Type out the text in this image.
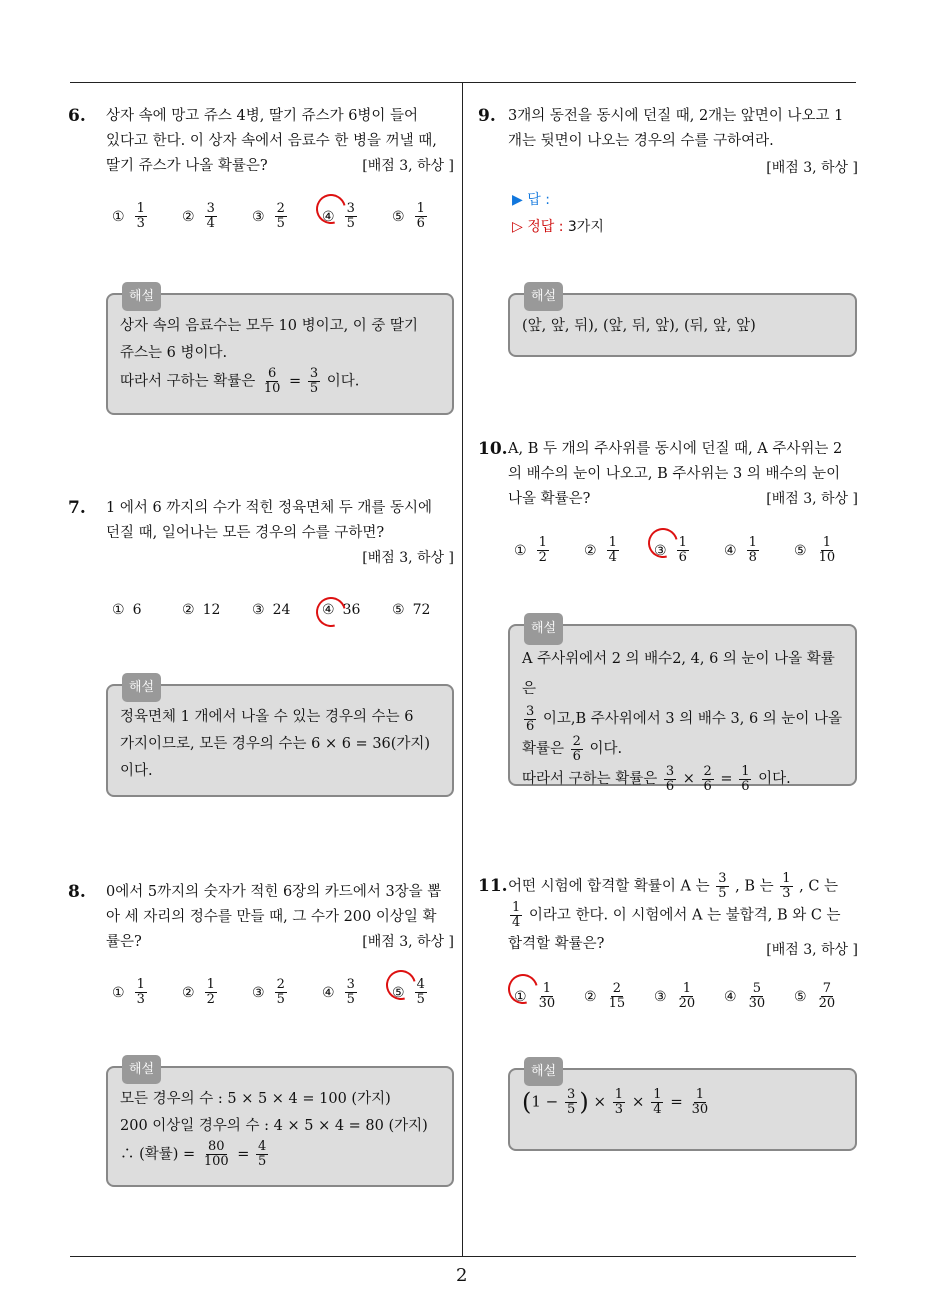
2
6. 상자 속에 망고 쥬스 4병, 딸기 쥬스가 6병이 들어
있다고 한다. 이 상자 속에서 음료수 한 병을 꺼낼 때,
딸기 쥬스가 나올 확률은?	[배점 3, 하상 ]
① $\frac{1}{3}$	② $\frac{3}{4}$	③ $\frac{2}{5}$	④ $\frac{3}{5}$	⑤ $\frac{1}{6}$
해설
상자 속의 음료수는 모두 10 병이고, 이 중 딸기
쥬스는 6 병이다.
따라서 구하는 확률은 $\frac{6}{10} = \frac{3}{5}$ 이다.
7. 1 에서 6 까지의 수가 적힌 정육면체 두 개를 동시에
던질 때, 일어나는 모든 경우의 수를 구하면?
[배점 3, 하상 ]
① 6	② 12 ③ 24 ④ 36 ⑤ 72
해설
정육면체 1 개에서 나올 수 있는 경우의 수는 6
가지이므로, 모든 경우의 수는 6 × 6 = 36(가지)
이다.
8. 0에서 5까지의 숫자가 적힌 6장의 카드에서 3장을 뽑
아 세 자리의 정수를 만들 때, 그 수가 200 이상일 확
률은?	[배점 3, 하상 ]
① $\frac{1}{3}$	② $\frac{1}{2}$	③ $\frac{2}{5}$	④ $\frac{3}{5}$	⑤ $\frac{4}{5}$
해설
모든 경우의 수 : 5 × 5 × 4 = 100 (가지)
200 이상일 경우의 수 : 4 × 5 × 4 = 80 (가지)
∴ (확률) = $\frac{80}{100} = \frac{4}{5}$
9. 3개의 동전을 동시에 던질 때, 2개는 앞면이 나오고 1
개는 뒷면이 나오는 경우의 수를 구하여라.
[배점 3, 하상 ]
▶ 답 :
▷ 정답 : 3가지
해설
(앞, 앞, 뒤), (앞, 뒤, 앞), (뒤, 앞, 앞)
10. A, B 두 개의 주사위를 동시에 던질 때, A 주사위는 2
의 배수의 눈이 나오고, B 주사위는 3 의 배수의 눈이
나올 확률은?	[배점 3, 하상 ]
① $\frac{1}{2}$	② $\frac{1}{4}$	③ $\frac{1}{6}$	④ $\frac{1}{8}$	⑤ $\frac{1}{10}$
해설
A 주사위에서 2 의 배수2, 4, 6 의 눈이 나올 확률은
$\frac{3}{6}$ 이고,B 주사위에서 3 의 배수 3, 6 의 눈이 나올
확률은 $\frac{2}{6}$ 이다.
따라서 구하는 확률은 $\frac{3}{6} \times \frac{2}{6} = \frac{1}{6}$ 이다.
11. 어떤 시험에 합격할 확률이 A 는 $\frac{3}{5}$ , B 는 $\frac{1}{3}$ , C 는
$\frac{1}{4}$ 이라고 한다. 이 시험에서 A 는 불합격, B 와 C 는
합격할 확률은?	[배점 3, 하상 ]
① $\frac{1}{30}$ ② $\frac{2}{15}$ ③ $\frac{1}{20}$ ④ $\frac{5}{30}$ ⑤ $\frac{7}{20}$
해설
($1 - \frac{3}{5}$ ) × $\frac{1}{3} \times \frac{1}{4} = \frac{1}{30}$
